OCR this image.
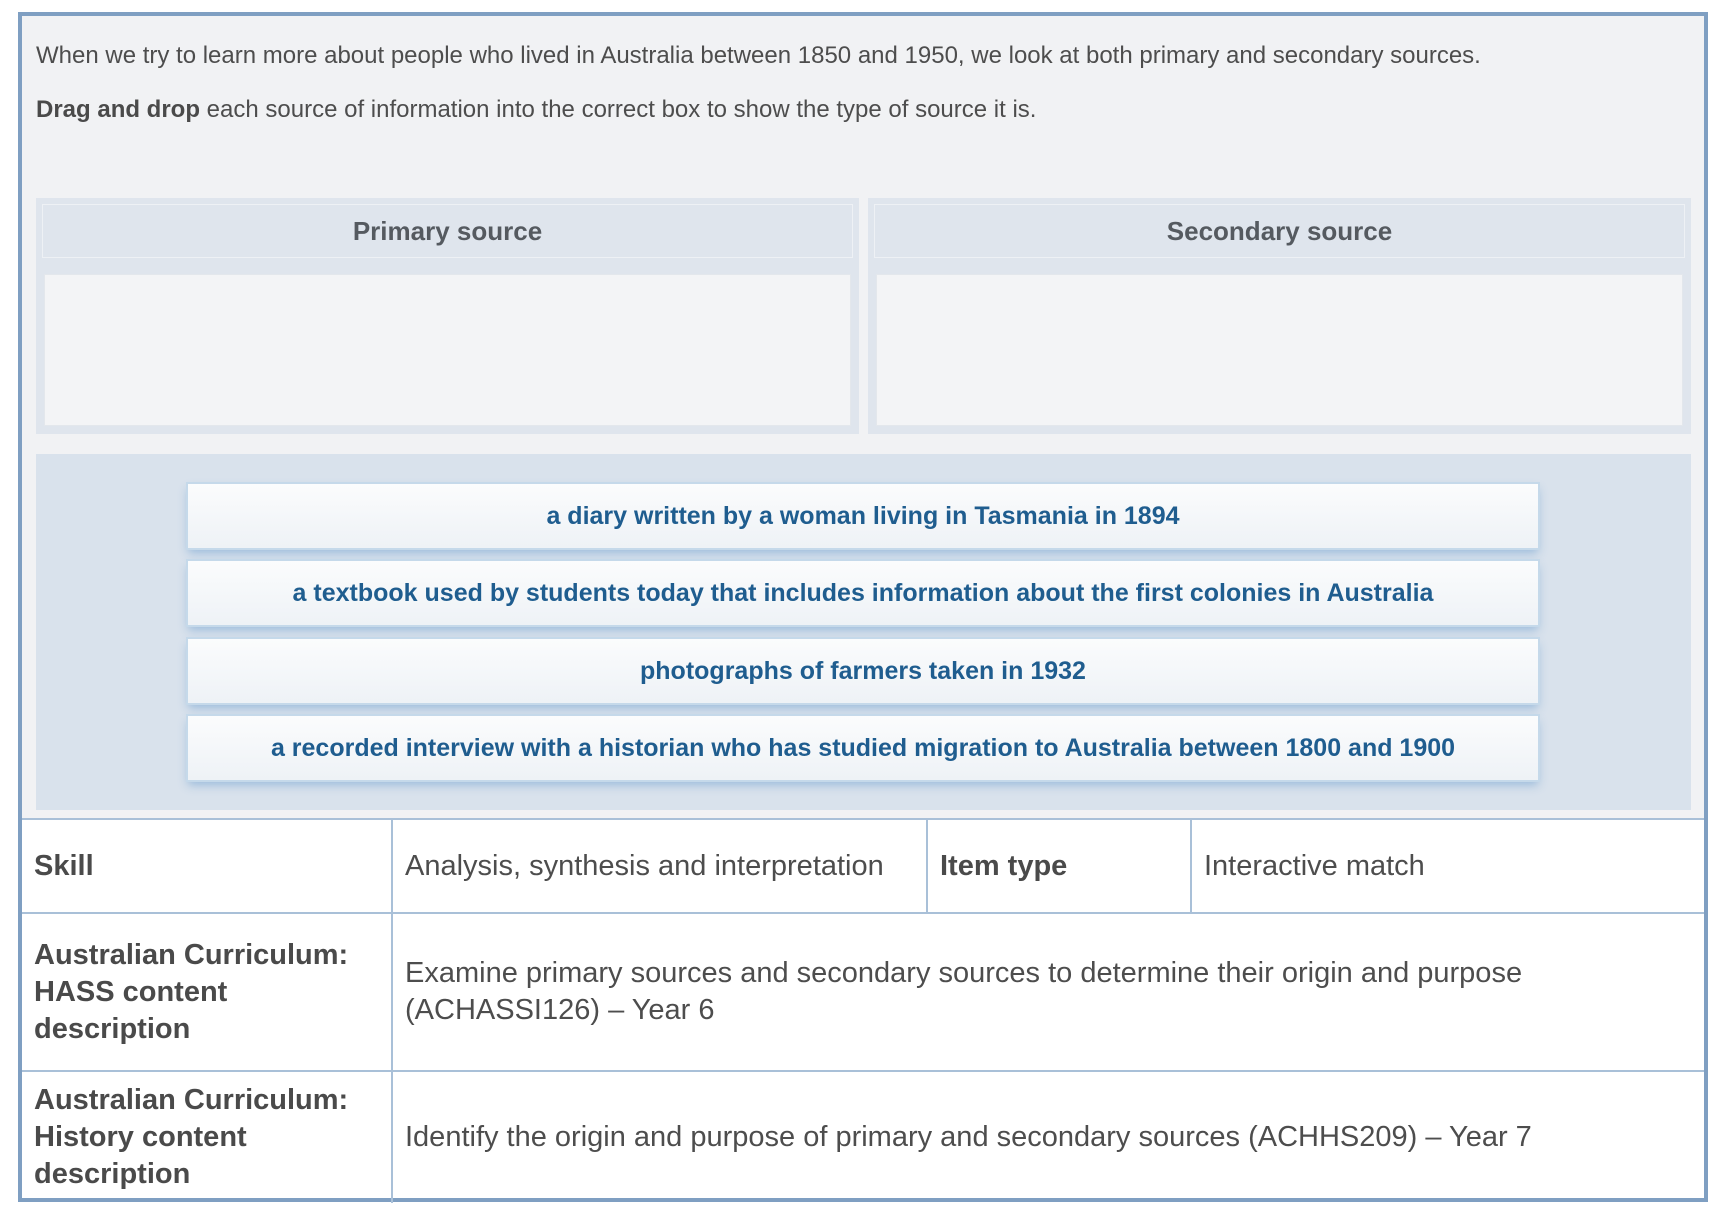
When we try to learn more about people who lived in Australia between 1850 and 1950, we look at both primary and secondary sources.
Drag and drop each source of information into the correct box to show the type of source it is.
Primary source	Secondary source
a diary written by a woman living in Tasmania in 1894
a textbook used by students today that includes information about the first colonies in Australia
photographs of farmers taken in 1932
a recorded interview with a historian who has studied migration to Australia between 1800 and 1900
Skill	Analysis, synthesis and interpretation	Item type	Interactive match
Australian Curriculum: HASS content description	Examine primary sources and secondary sources to determine their origin and purpose (ACHASSI126) – Year 6		
Australian Curriculum: History content description	Identify the origin and purpose of primary and secondary sources (ACHHS209) – Year 7		
